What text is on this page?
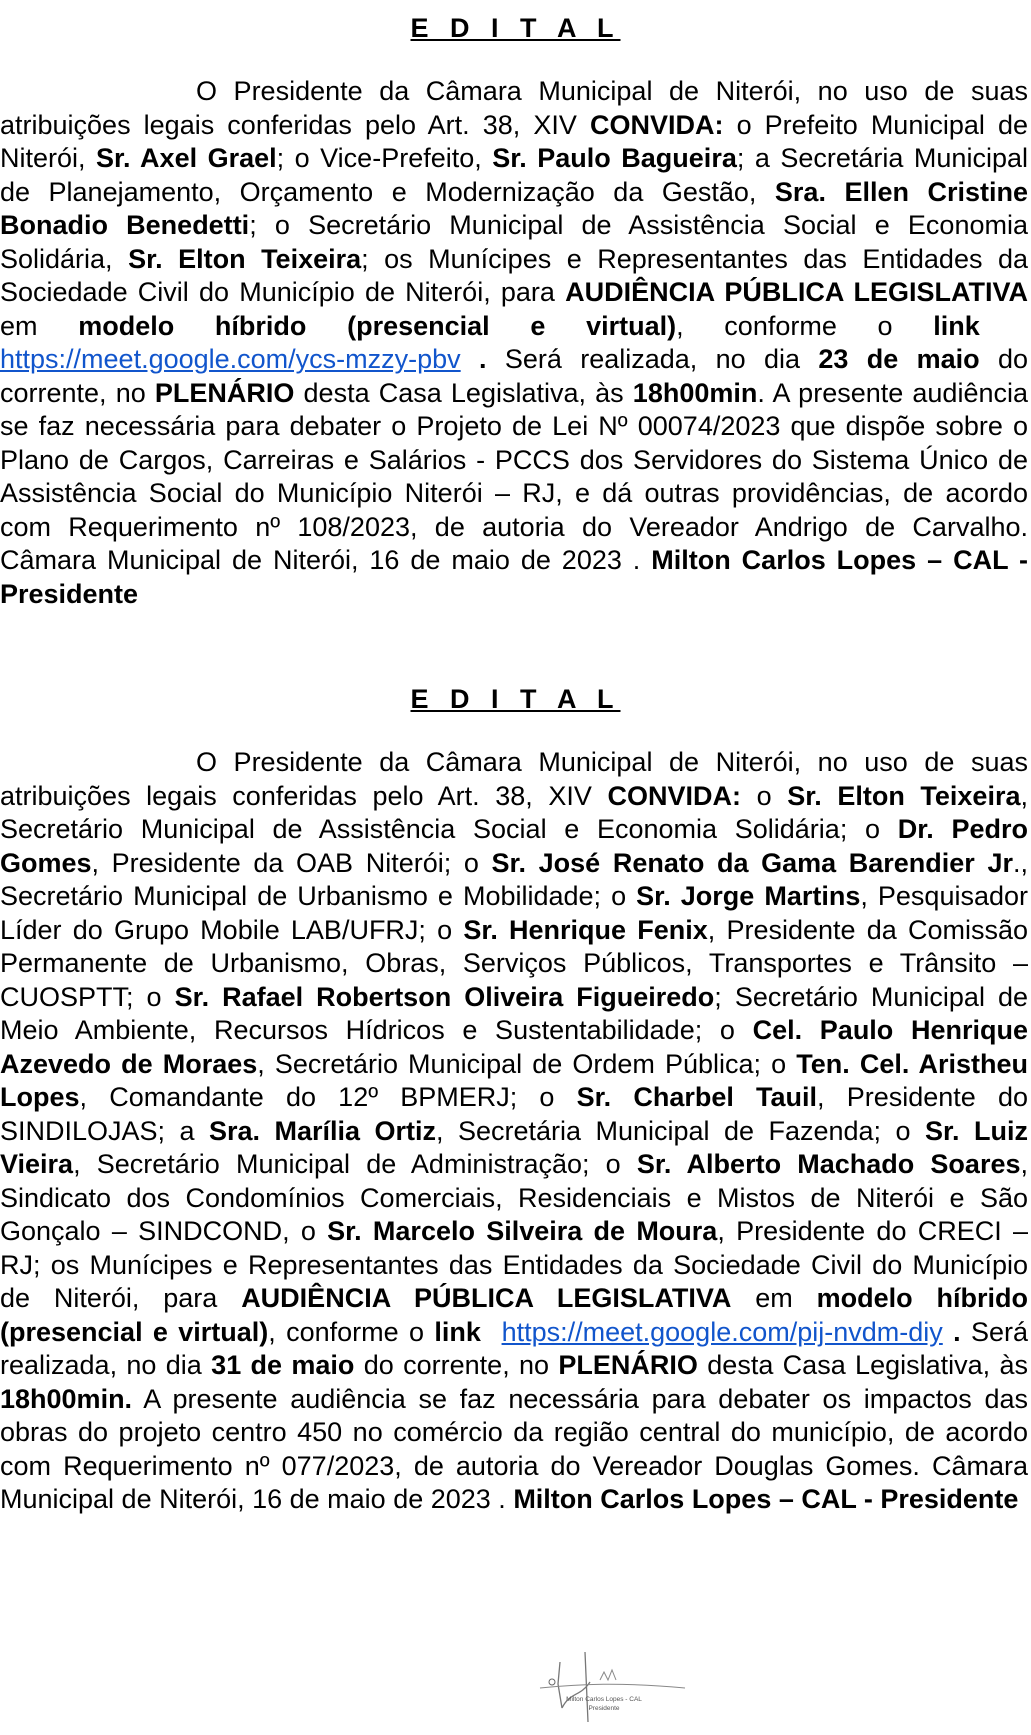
E D I T A L

O Presidente da Câmara Municipal de Niterói, no uso de suas atribuições legais conferidas pelo Art. 38, XIV CONVIDA: o Prefeito Municipal de Niterói, Sr. Axel Grael; o Vice-Prefeito, Sr. Paulo Bagueira; a Secretária Municipal de Planejamento, Orçamento e Modernização da Gestão, Sra. Ellen Cristine Bonadio Benedetti; o Secretário Municipal de Assistência Social e Economia Solidária, Sr. Elton Teixeira; os Munícipes e Representantes das Entidades da Sociedade Civil do Município de Niterói, para AUDIÊNCIA PÚBLICA LEGISLATIVA em modelo híbrido (presencial e virtual), conforme o link   https://meet.google.com/ycs-mzzy-pbv . Será realizada, no dia 23 de maio do corrente, no PLENÁRIO desta Casa Legislativa, às 18h00min. A presente audiência se faz necessária para debater o Projeto de Lei Nº 00074/2023 que dispõe sobre o Plano de Cargos, Carreiras e Salários - PCCS dos Servidores do Sistema Único de Assistência Social do Município Niterói – RJ, e dá outras providências, de acordo com Requerimento nº 108/2023, de autoria do Vereador Andrigo de Carvalho. Câmara Municipal de Niterói, 16 de maio de 2023 . Milton Carlos Lopes – CAL - Presidente

E D I T A L

O Presidente da Câmara Municipal de Niterói, no uso de suas atribuições legais conferidas pelo Art. 38, XIV CONVIDA: o Sr. Elton Teixeira, Secretário Municipal de Assistência Social e Economia Solidária; o Dr. Pedro Gomes, Presidente da OAB Niterói; o Sr. José Renato da Gama Barendier Jr., Secretário Municipal de Urbanismo e Mobilidade; o Sr. Jorge Martins, Pesquisador Líder do Grupo Mobile LAB/UFRJ; o Sr. Henrique Fenix, Presidente da Comissão Permanente de Urbanismo, Obras, Serviços Públicos, Transportes e Trânsito – CUOSPTT; o Sr. Rafael Robertson Oliveira Figueiredo; Secretário Municipal de Meio Ambiente, Recursos Hídricos e Sustentabilidade; o Cel. Paulo Henrique Azevedo de Moraes, Secretário Municipal de Ordem Pública; o Ten. Cel. Aristheu Lopes, Comandante do 12º BPMERJ; o Sr. Charbel Tauil, Presidente do SINDILOJAS; a Sra. Marília Ortiz, Secretária Municipal de Fazenda; o Sr. Luiz Vieira, Secretário Municipal de Administração; o Sr. Alberto Machado Soares, Sindicato dos Condomínios Comerciais, Residenciais e Mistos de Niterói e São Gonçalo – SINDCOND, o Sr. Marcelo Silveira de Moura, Presidente do CRECI – RJ; os Munícipes e Representantes das Entidades da Sociedade Civil do Município de Niterói, para AUDIÊNCIA PÚBLICA LEGISLATIVA em modelo híbrido (presencial e virtual), conforme o link https://meet.google.com/pij-nvdm-diy . Será realizada, no dia 31 de maio do corrente, no PLENÁRIO desta Casa Legislativa, às 18h00min. A presente audiência se faz necessária para debater os impactos das obras do projeto centro 450 no comércio da região central do município, de acordo com Requerimento nº 077/2023, de autoria do Vereador Douglas Gomes. Câmara Municipal de Niterói, 16 de maio de 2023 . Milton Carlos Lopes – CAL - Presidente

Milton Carlos Lopes - CAL
Presidente
